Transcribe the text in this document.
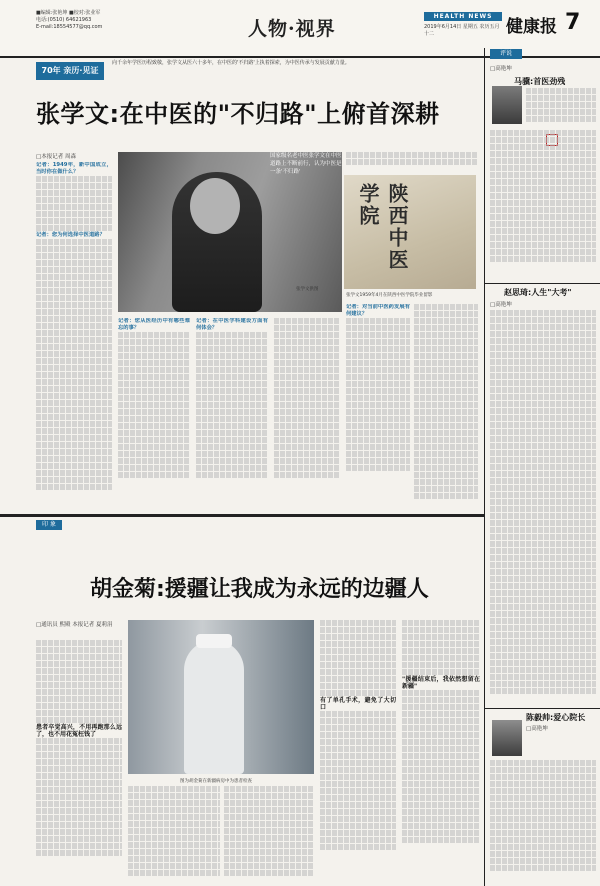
■编辑:张艳坤 ■校对:张业军
电话:(0510) 64621963
E-mail:18554577@qq.com	人物·视界
HEALTH NEWS
2019年6月14日 星期五 农历五月十二	健康报 7
70年 亲历·见证
向千余年学医历程致敬，张学文从医六十多年，在中医的'不归路'上执着探索，为中医传承与发展贡献力量。
张学文:在中医的"不归路"上俯首深耕
□本报记者 周森
记者：1949年，新中国成立，当时你在做什么？
记者：您为何选择中医道路？
国家级名老中医张学文在中医道路上不断前行，认为中医是一条'不归路'
张学文供图
记者：您从医经历中有哪些难忘的事？
记者：在中医学科建设方面有何体会？
陕西中医学院
张学文1959年4月在陕西中医学院毕业留影
记者：对当前中医药发展有何建议？
评说
□高艳坤
马骥:首医劲残
赵思琦:人生"大考"
□高艳坤
陈毅帅:爱心院长
□高艳坤
印 象
胡金菊:援疆让我成为永远的边疆人
□通讯员 熙殿 本报记者 夏莉涓
患者卒觉高兴，不用再跑那么远了，也不用花冤枉钱了
图为胡金菊在新疆病房中为患者检查
有了单孔手术，避免了大切口
"援疆结束后，我依然想留在新疆"
